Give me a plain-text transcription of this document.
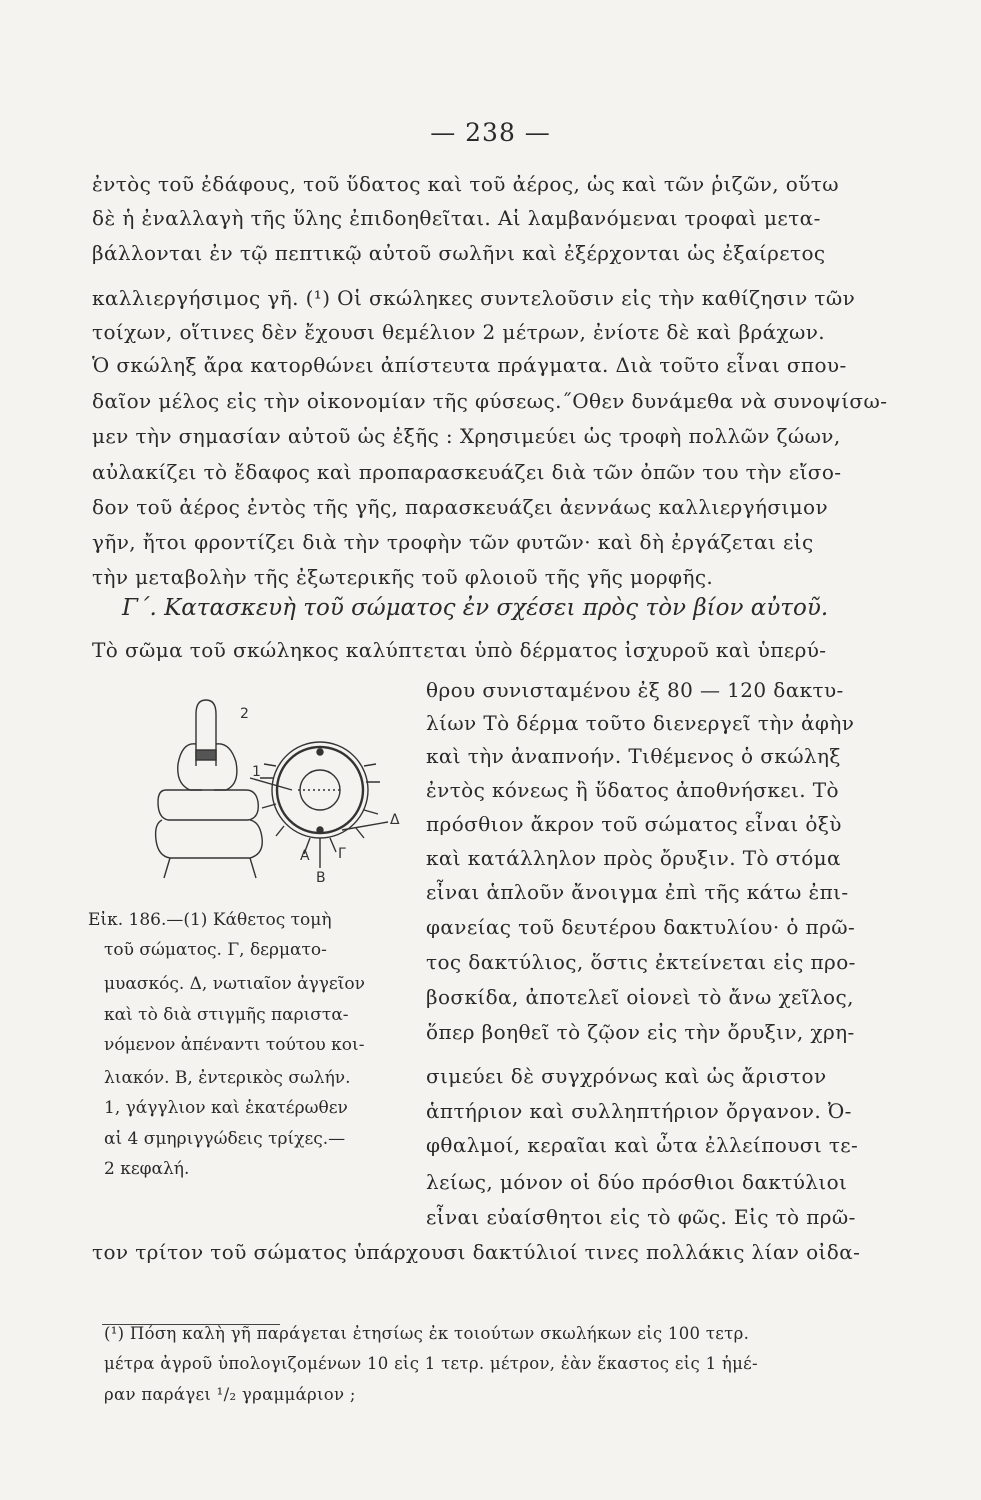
— 238 —
ἐντὸς τοῦ ἐδάφους, τοῦ ὕδατος καὶ τοῦ ἀέρος, ὡς καὶ τῶν ῥιζῶν, οὕτω
δὲ ἡ ἐναλλαγὴ τῆς ὕλης ἐπιδοηθεῖται. Αἱ λαμβανόμεναι τροφαὶ μετα-
βάλλονται ἐν τῷ πεπτικῷ αὐτοῦ σωλῆνι καὶ ἐξέρχονται ὡς ἐξαίρετος
καλλιεργήσιμος γῆ. (¹) Οἱ σκώληκες συντελοῦσιν εἰς τὴν καθίζησιν τῶν
τοίχων, οἵτινες δὲν ἔχουσι θεμέλιον 2 μέτρων, ἐνίοτε δὲ καὶ βράχων.
Ὁ σκώληξ ἄρα κατορθώνει ἀπίστευτα πράγματα. Διὰ τοῦτο εἶναι σπου-
δαῖον μέλος εἰς τὴν οἰκονομίαν τῆς φύσεως.˝Οθεν δυνάμεθα νὰ συνοψίσω-
μεν τὴν σημασίαν αὐτοῦ ὡς ἐξῆς : Χρησιμεύει ὡς τροφὴ πολλῶν ζώων,
αὐλακίζει τὸ ἔδαφος καὶ προπαρασκευάζει διὰ τῶν ὀπῶν του τὴν εἴσο-
δον τοῦ ἀέρος ἐντὸς τῆς γῆς, παρασκευάζει ἀεννάως καλλιεργήσιμον
γῆν, ἤτοι φροντίζει διὰ τὴν τροφὴν τῶν φυτῶν· καὶ δὴ ἐργάζεται εἰς
τὴν μεταβολὴν τῆς ἐξωτερικῆς τοῦ φλοιοῦ τῆς γῆς μορφῆς.
Γ΄. Κατασκευὴ τοῦ σώματος ἐν σχέσει πρὸς τὸν βίον αὐτοῦ.
Τὸ σῶμα τοῦ σκώληκος καλύπτεται ὑπὸ δέρματος ἰσχυροῦ καὶ ὑπερύ-
θρου συνισταμένου ἐξ 80 — 120 δακτυ-
λίων Τὸ δέρμα τοῦτο διενεργεῖ τὴν ἀφὴν
καὶ τὴν ἀναπνοήν. Τιθέμενος ὁ σκώληξ
ἐντὸς κόνεως ἢ ὕδατος ἀποθνήσκει. Τὸ
πρόσθιον ἄκρον τοῦ σώματος εἶναι ὀξὺ
καὶ κατάλληλον πρὸς ὄρυξιν. Τὸ στόμα
εἶναι ἁπλοῦν ἄνοιγμα ἐπὶ τῆς κάτω ἐπι-
φανείας τοῦ δευτέρου δακτυλίου· ὁ πρῶ-
τος δακτύλιος, ὅστις ἐκτείνεται εἰς προ-
βοσκίδα, ἀποτελεῖ οἱονεὶ τὸ ἄνω χεῖλος,
ὅπερ βοηθεῖ τὸ ζῷον εἰς τὴν ὄρυξιν, χρη-
σιμεύει δὲ συγχρόνως καὶ ὡς ἄριστον
ἁπτήριον καὶ συλληπτήριον ὄργανον. Ὀ-
φθαλμοί, κεραῖαι καὶ ὦτα ἐλλείπουσι τε-
λείως, μόνον οἱ δύο πρόσθιοι δακτύλιοι
εἶναι εὐαίσθητοι εἰς τὸ φῶς. Εἰς τὸ πρῶ-
τον τρίτον τοῦ σώματος ὑπάρχουσι δακτύλιοί τινες πολλάκις λίαν οἰδα-
2
1
A Γ
Δ
B
Εἰκ. 186.—(1) Κάθετος τομὴ
τοῦ σώματος. Γ, δερματο-
μυασκός. Δ, νωτιαῖον ἀγγεῖον
καὶ τὸ διὰ στιγμῆς παριστα-
νόμενον ἀπέναντι τούτου κοι-
λιακόν. Β, ἐντερικὸς σωλήν.
1, γάγγλιον καὶ ἑκατέρωθεν
αἱ 4 σμηριγγώδεις τρίχες.—
2 κεφαλή.
(¹) Πόση καλὴ γῆ παράγεται ἐτησίως ἐκ τοιούτων σκωλήκων εἰς 100 τετρ.
μέτρα ἀγροῦ ὑπολογιζομένων 10 εἰς 1 τετρ. μέτρον, ἐὰν ἕκαστος εἰς 1 ἡμέ-
ραν παράγει ¹/₂ γραμμάριον ;
